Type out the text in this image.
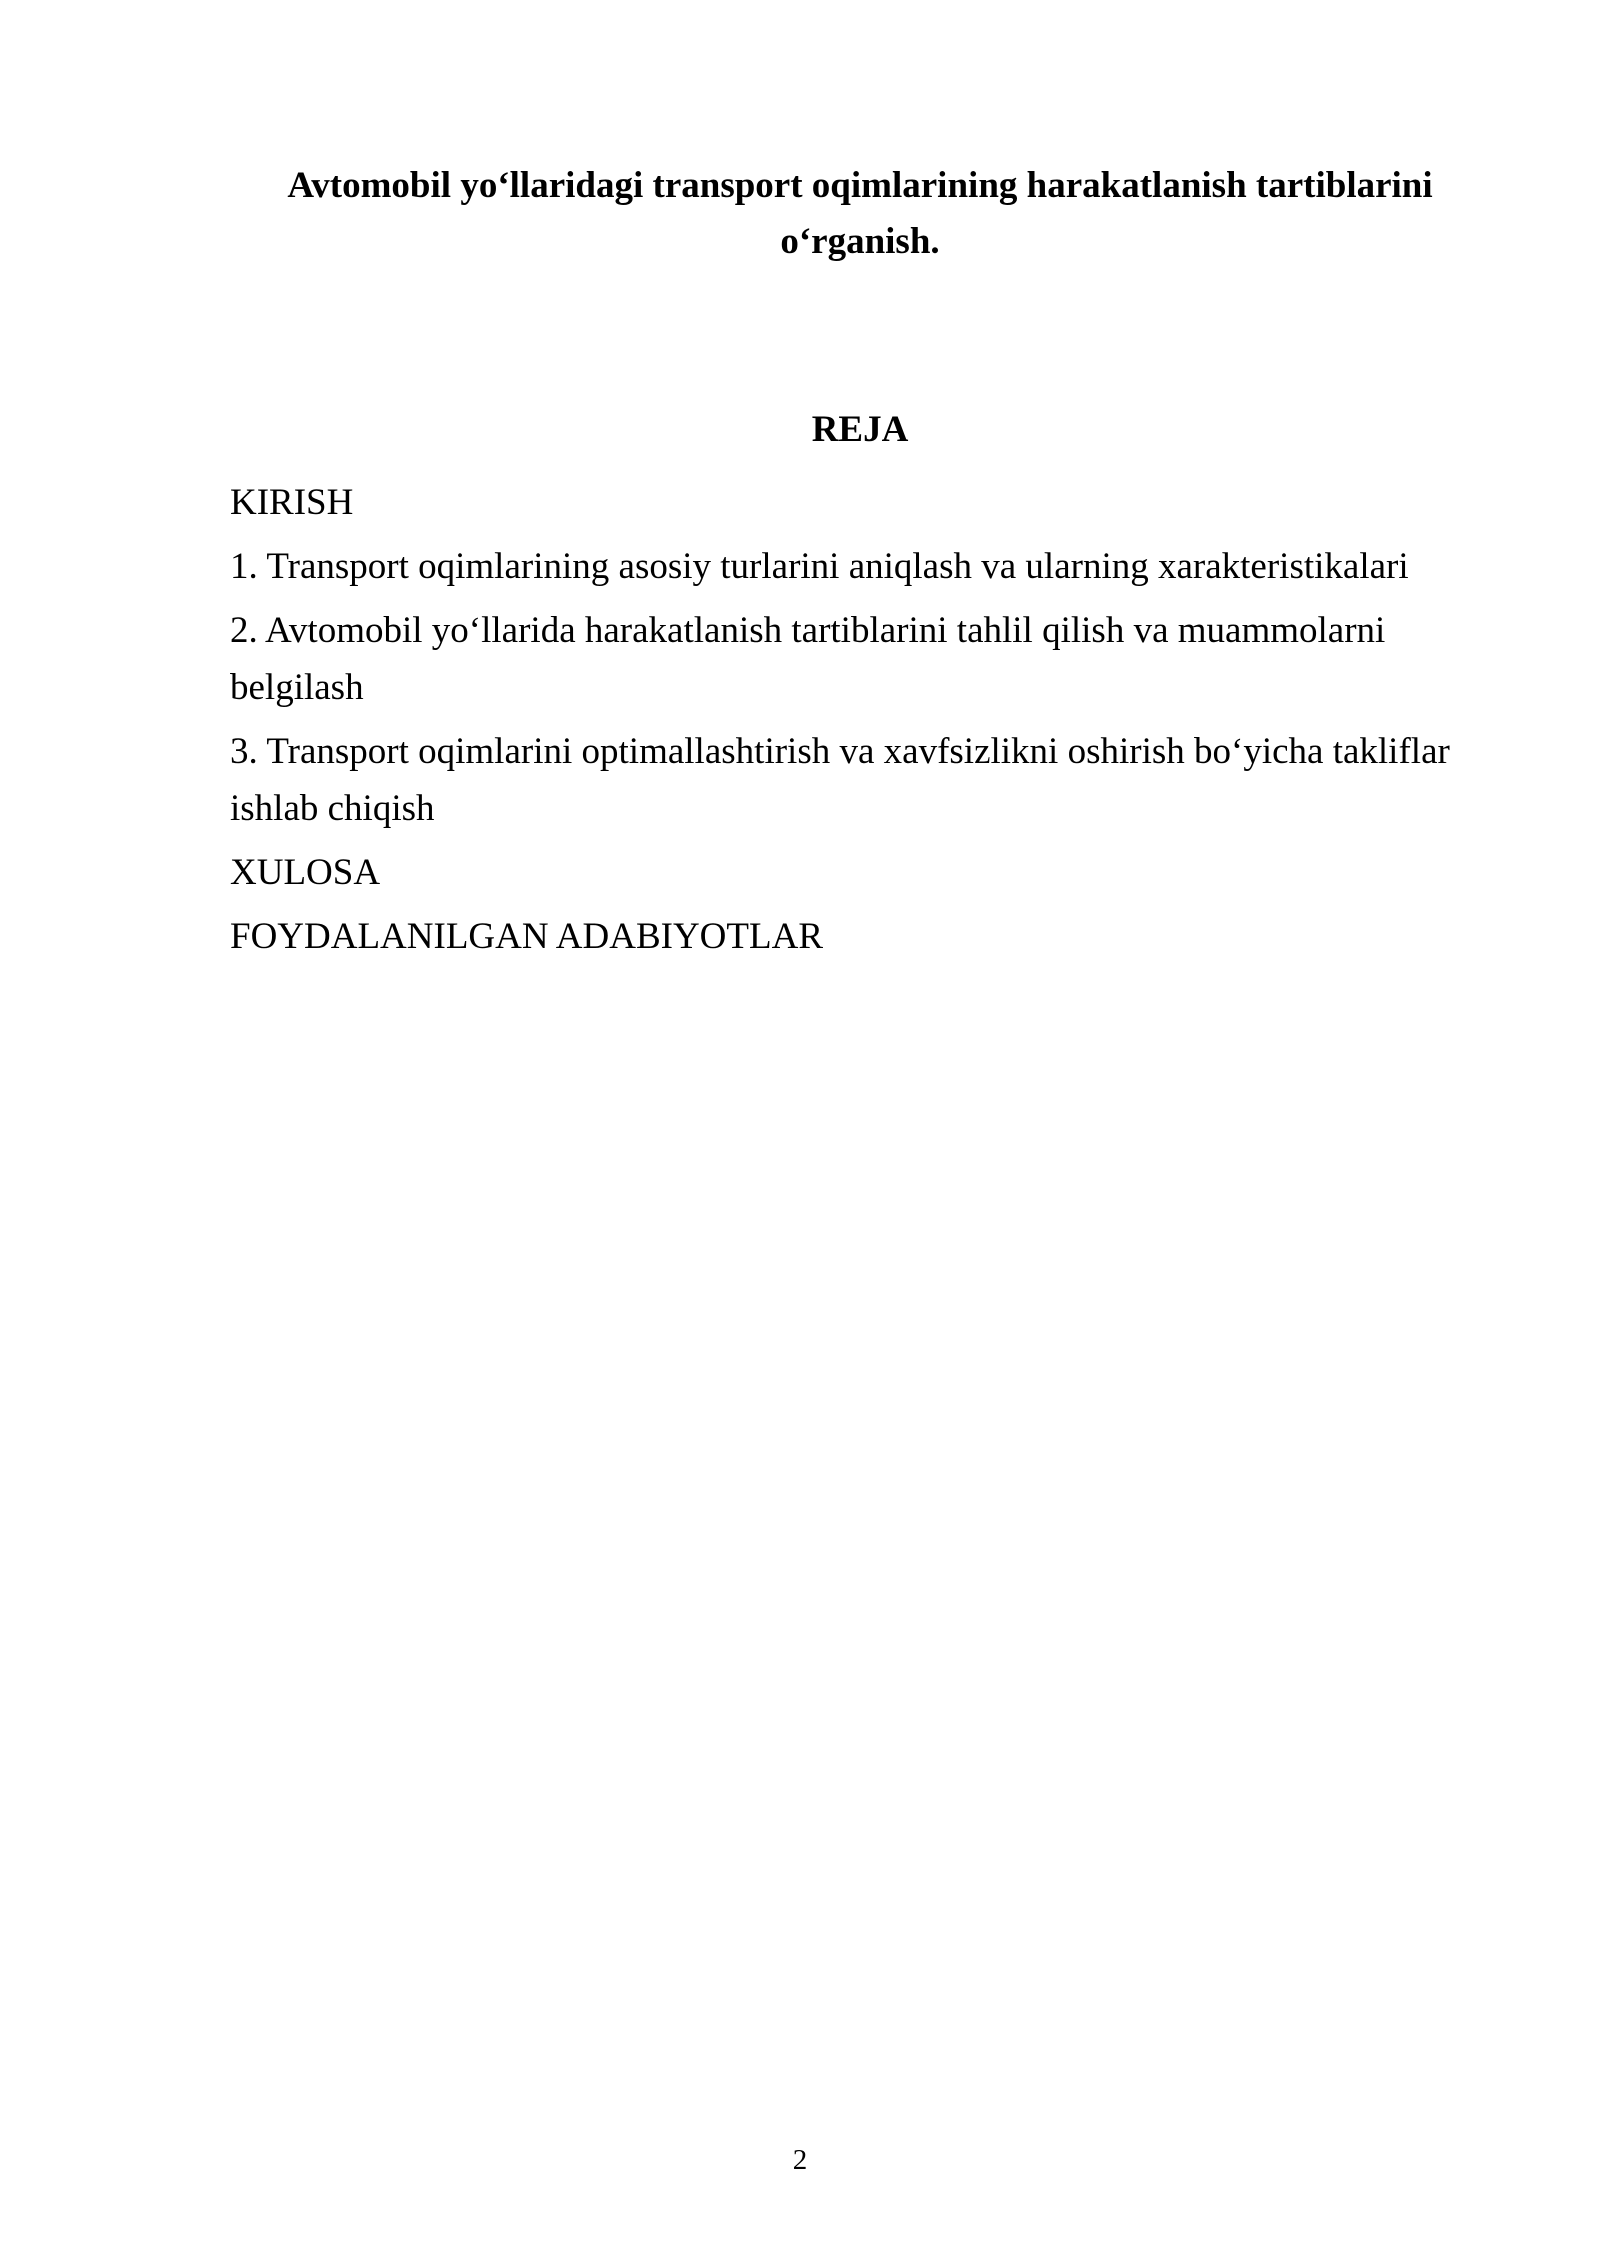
Avtomobil yo‘llaridagi transport oqimlarining harakatlanish tartiblarini o‘rganish.
REJA
KIRISH
1. Transport oqimlarining asosiy turlarini aniqlash va ularning xarakteristikalari
2. Avtomobil yo‘llarida harakatlanish tartiblarini tahlil qilish va muammolarni belgilash
3. Transport oqimlarini optimallashtirish va xavfsizlikni oshirish bo‘yicha takliflar ishlab chiqish
XULOSA
FOYDALANILGAN ADABIYOTLAR
2
